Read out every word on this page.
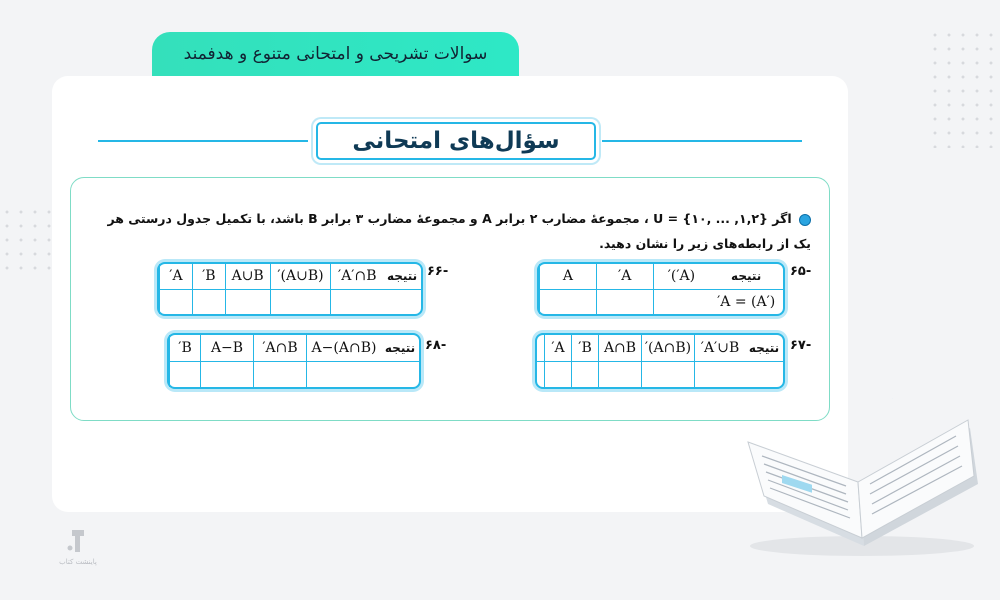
سوالات تشریحی و امتحانی متنوع و هدفمند
سؤال‌های امتحانی
اگر {۱,۲, ... ,۱۰} = U ، مجموعهٔ مضارب ۲ برابر A و مجموعهٔ مضارب ۳ برابر B باشد، با تکمیل جدول درستی هر یک از رابطه‌های زیر را نشان دهید.
-۶۵
نتیجه
(A′)′
A′
A
A = (A′)′
-۶۶
نتیجه
A′∩B′
(A∪B)′
A∪B
B′
A′
-۶۷
نتیجه
A′∪B′
(A∩B)′
A∩B
B′
A′
-۶۸
نتیجه
A−(A∩B)
A∩B′
A−B
B′
پاینشت کتاب
